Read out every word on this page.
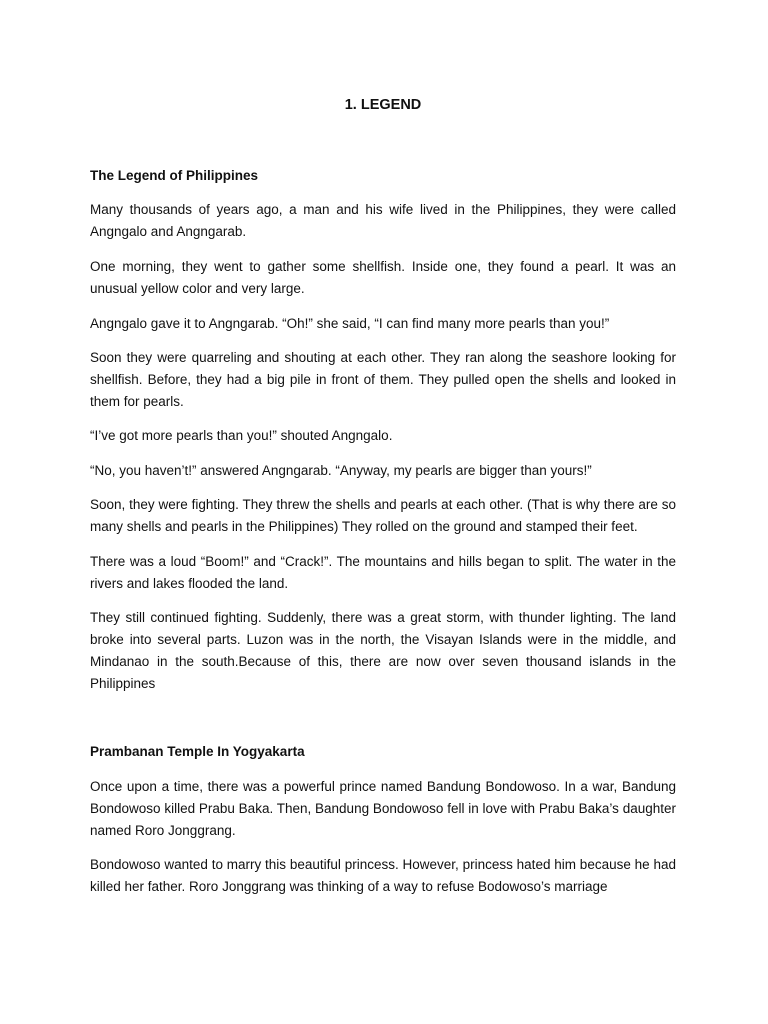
1. LEGEND

The Legend of Philippines

Many thousands of years ago, a man and his wife lived in the Philippines, they were called Angngalo and Angngarab.

One morning, they went to gather some shellfish. Inside one, they found a pearl. It was an unusual yellow color and very large.

Angngalo gave it to Angngarab. “Oh!” she said, “I can find many more pearls than you!”

Soon they were quarreling and shouting at each other. They ran along the seashore looking for shellfish. Before, they had a big pile in front of them. They pulled open the shells and looked in them for pearls.

“I’ve got more pearls than you!” shouted Angngalo.

“No, you haven’t!” answered Angngarab. “Anyway, my pearls are bigger than yours!”

Soon, they were fighting. They threw the shells and pearls at each other. (That is why there are so many shells and pearls in the Philippines) They rolled on the ground and stamped their feet.

There was a loud “Boom!” and “Crack!”. The mountains and hills began to split. The water in the rivers and lakes flooded the land.

They still continued fighting. Suddenly, there was a great storm, with thunder lighting. The land broke into several parts. Luzon was in the north, the Visayan Islands were in the middle, and Mindanao in the south.Because of this, there are now over seven thousand islands in the Philippines

Prambanan Temple In Yogyakarta

Once upon a time, there was a powerful prince named Bandung Bondowoso. In a war, Bandung Bondowoso killed Prabu Baka. Then, Bandung Bondowoso fell in love with Prabu Baka’s daughter named Roro Jonggrang.

Bondowoso wanted to marry this beautiful princess. However, princess hated him because he had killed her father. Roro Jonggrang was thinking of a way to refuse Bodowoso’s marriage
